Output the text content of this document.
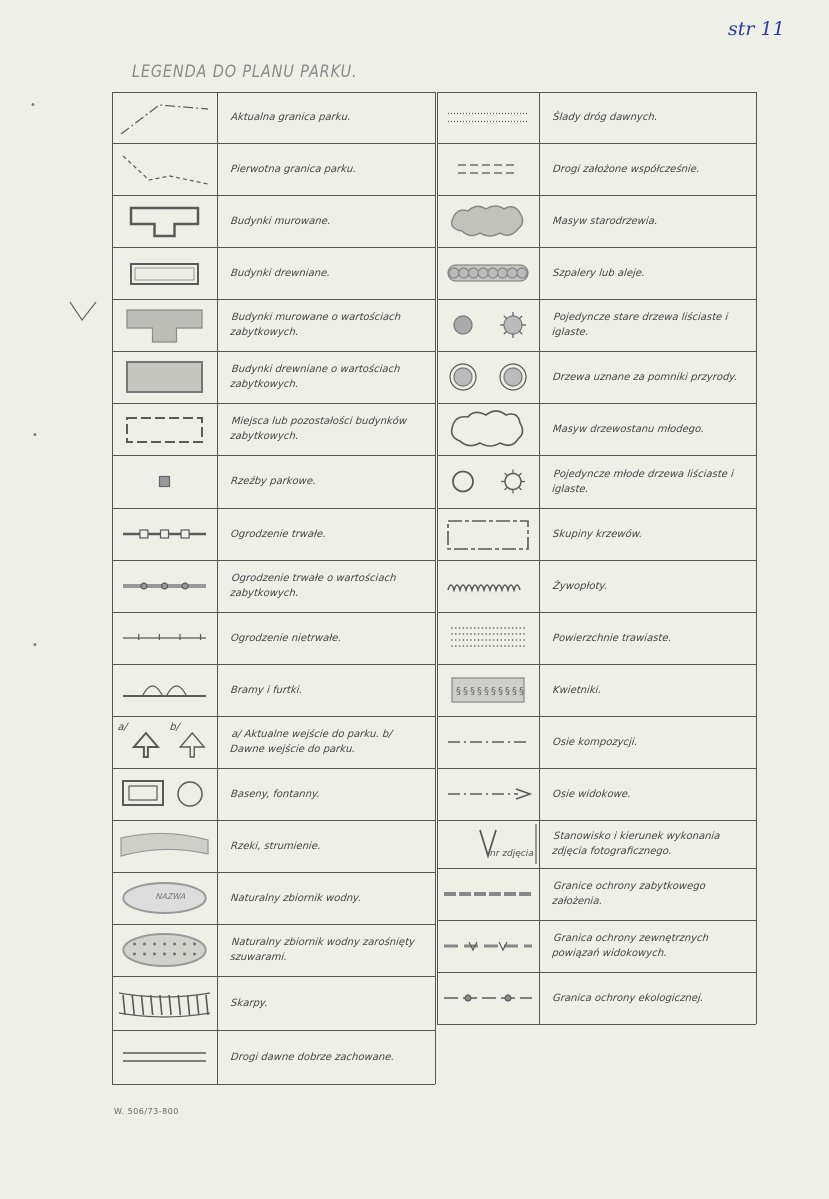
str 11
LEGENDA DO PLANU PARKU.
Aktualna granica parku.
Pierwotna granica parku.
Budynki murowane.
Budynki drewniane.
Budynki murowane o wartościach zabytkowych.
Budynki drewniane o wartościach zabytkowych.
Miejsca lub pozostałości budynków zabytkowych.
Rzeźby parkowe.
Ogrodzenie trwałe.
Ogrodzenie trwałe o wartościach zabytkowych.
Ogrodzenie nietrwałe.
Bramy i furtki.
a/ Aktualne wejście do parku. b/ Dawne wejście do parku.
a/	b/
Baseny, fontanny.
Rzeki, strumienie.
Naturalny zbiornik wodny.
NAZWA
Naturalny zbiornik wodny zarośnięty szuwarami.
Skarpy.
Drogi dawne dobrze zachowane.
Ślady dróg dawnych.
Drogi założone współcześnie.
Masyw starodrzewia.
Szpalery lub aleje.
Pojedyncze stare drzewa liściaste i iglaste.
Drzewa uznane za pomniki przyrody.
Masyw drzewostanu młodego.
Pojedyncze młode drzewa liściaste i iglaste.
Skupiny krzewów.
Żywopłoty.
Powierzchnie trawiaste.
§ § § § § § § § § §	Kwietniki.
Osie kompozycji.
Osie widokowe.
nr zdjęcia
Stanowisko i kierunek wykonania zdjęcia fotograficznego.
Granice ochrony zabytkowego założenia.
Granica ochrony zewnętrznych powiązań widokowych.
Granica ochrony ekologicznej.
•
•
•
W. 506/73-800
